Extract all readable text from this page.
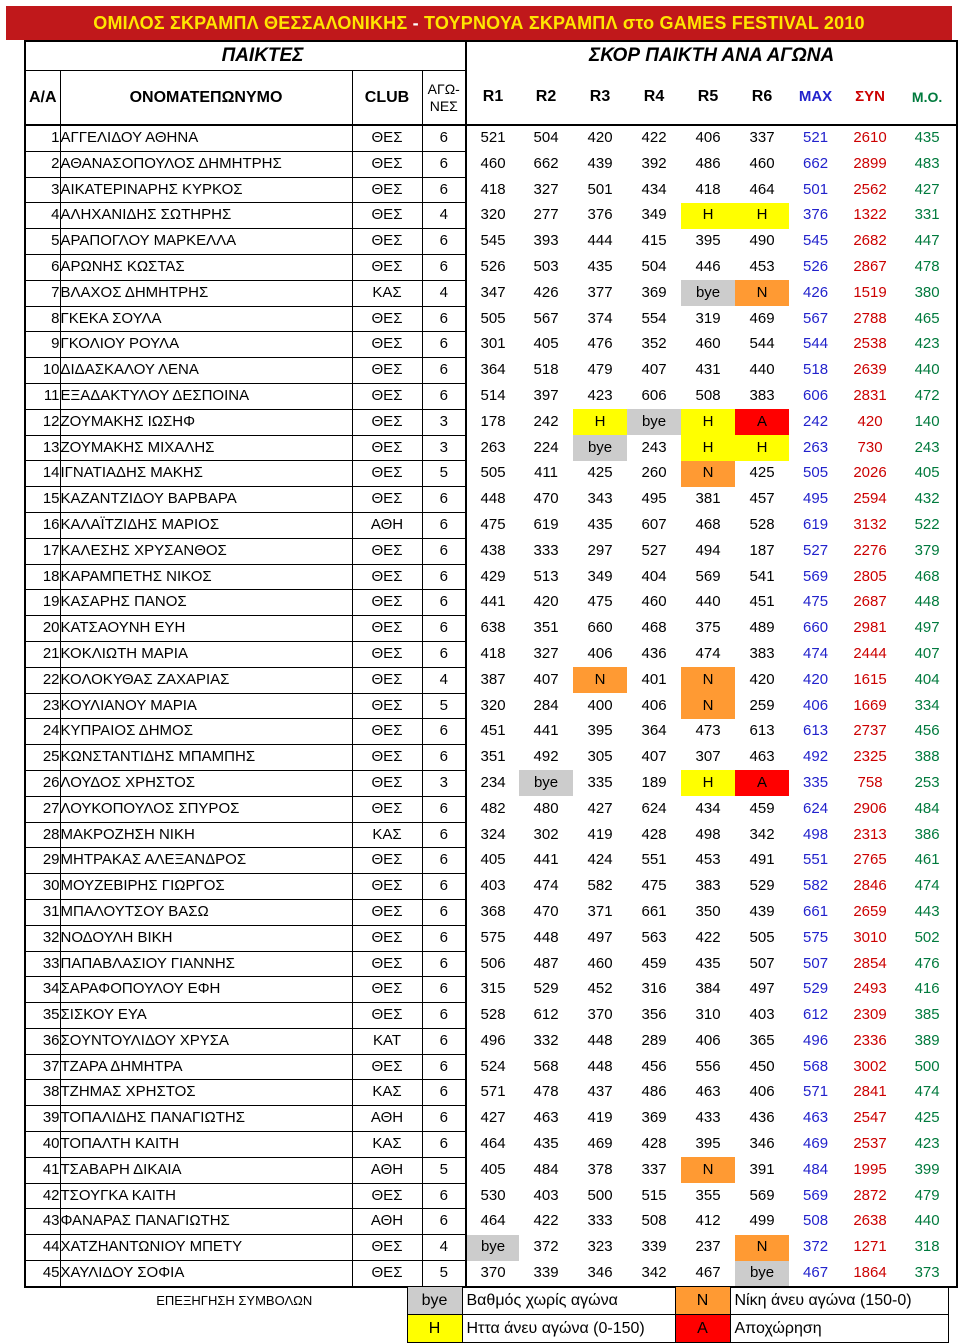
ΟΜΙΛΟΣ ΣΚΡΑΜΠΛ ΘΕΣΣΑΛΟΝΙΚΗΣ - ΤΟΥΡΝΟΥΑ ΣΚΡΑΜΠΛ στο GAMES FESTIVAL 2010
	ΠΑΙΚΤΕΣ			ΣΚΟΡ ΠΑΙΚΤΗ ΑΝΑ ΑΓΩΝΑ								
Α/Α	ΟΝΟΜΑΤΕΠΩΝΥΜΟ	CLUB	ΑΓΩ-
ΝΕΣ	R1	R2	R3	R4	R5	R6	MAX	ΣΥΝ	Μ.Ο.
1	ΑΓΓΕΛΙΔΟΥ ΑΘΗΝΑ	ΘΕΣ	6	521	504	420	422	406	337	521	2610	435
2	ΑΘΑΝΑΣΟΠΟΥΛΟΣ ΔΗΜΗΤΡΗΣ	ΘΕΣ	6	460	662	439	392	486	460	662	2899	483
3	ΑΙΚΑΤΕΡΙΝΑΡΗΣ ΚΥΡΚΟΣ	ΘΕΣ	6	418	327	501	434	418	464	501	2562	427
4	ΑΛΗΧΑΝΙΔΗΣ ΣΩΤΗΡΗΣ	ΘΕΣ	4	320	277	376	349	Η	Η	376	1322	331
5	ΑΡΑΠΟΓΛΟΥ ΜΑΡΚΕΛΛΑ	ΘΕΣ	6	545	393	444	415	395	490	545	2682	447
6	ΑΡΩΝΗΣ ΚΩΣΤΑΣ	ΘΕΣ	6	526	503	435	504	446	453	526	2867	478
7	ΒΛΑΧΟΣ ΔΗΜΗΤΡΗΣ	ΚΑΣ	4	347	426	377	369	bye	Ν	426	1519	380
8	ΓΚΕΚΑ ΣΟΥΛΑ	ΘΕΣ	6	505	567	374	554	319	469	567	2788	465
9	ΓΚΟΛΙΟΥ ΡΟΥΛΑ	ΘΕΣ	6	301	405	476	352	460	544	544	2538	423
10	ΔΙΔΑΣΚΑΛΟΥ ΛΕΝΑ	ΘΕΣ	6	364	518	479	407	431	440	518	2639	440
11	ΕΞΑΔΑΚΤΥΛΟΥ ΔΕΣΠΟΙΝΑ	ΘΕΣ	6	514	397	423	606	508	383	606	2831	472
12	ΖΟΥΜΑΚΗΣ ΙΩΣΗΦ	ΘΕΣ	3	178	242	Η	bye	Η	Α	242	420	140
13	ΖΟΥΜΑΚΗΣ ΜΙΧΑΛΗΣ	ΘΕΣ	3	263	224	bye	243	Η	Η	263	730	243
14	ΙΓΝΑΤΙΑΔΗΣ ΜΑΚΗΣ	ΘΕΣ	5	505	411	425	260	Ν	425	505	2026	405
15	ΚΑΖΑΝΤΖΙΔΟΥ ΒΑΡΒΑΡΑ	ΘΕΣ	6	448	470	343	495	381	457	495	2594	432
16	ΚΑΛΑΪΤΖΙΔΗΣ ΜΑΡΙΟΣ	ΑΘΗ	6	475	619	435	607	468	528	619	3132	522
17	ΚΑΛΕΣΗΣ ΧΡΥΣΑΝΘΟΣ	ΘΕΣ	6	438	333	297	527	494	187	527	2276	379
18	ΚΑΡΑΜΠΕΤΗΣ ΝΙΚΟΣ	ΘΕΣ	6	429	513	349	404	569	541	569	2805	468
19	ΚΑΣΑΡΗΣ ΠΑΝΟΣ	ΘΕΣ	6	441	420	475	460	440	451	475	2687	448
20	ΚΑΤΣΑΟΥΝΗ ΕΥΗ	ΘΕΣ	6	638	351	660	468	375	489	660	2981	497
21	ΚΟΚΛΙΩΤΗ ΜΑΡΙΑ	ΘΕΣ	6	418	327	406	436	474	383	474	2444	407
22	ΚΟΛΟΚΥΘΑΣ ΖΑΧΑΡΙΑΣ	ΘΕΣ	4	387	407	Ν	401	Ν	420	420	1615	404
23	ΚΟΥΛΙΑΝΟΥ ΜΑΡΙΑ	ΘΕΣ	5	320	284	400	406	Ν	259	406	1669	334
24	ΚΥΠΡΑΙΟΣ ΔΗΜΟΣ	ΘΕΣ	6	451	441	395	364	473	613	613	2737	456
25	ΚΩΝΣΤΑΝΤΙΔΗΣ ΜΠΑΜΠΗΣ	ΘΕΣ	6	351	492	305	407	307	463	492	2325	388
26	ΛΟΥΔΟΣ ΧΡΗΣΤΟΣ	ΘΕΣ	3	234	bye	335	189	Η	Α	335	758	253
27	ΛΟΥΚΟΠΟΥΛΟΣ ΣΠΥΡΟΣ	ΘΕΣ	6	482	480	427	624	434	459	624	2906	484
28	ΜΑΚΡΟΖΗΣΗ ΝΙΚΗ	ΚΑΣ	6	324	302	419	428	498	342	498	2313	386
29	ΜΗΤΡΑΚΑΣ ΑΛΕΞΑΝΔΡΟΣ	ΘΕΣ	6	405	441	424	551	453	491	551	2765	461
30	ΜΟΥΖΕΒΙΡΗΣ ΓΙΩΡΓΟΣ	ΘΕΣ	6	403	474	582	475	383	529	582	2846	474
31	ΜΠΑΛΟΥΤΣΟΥ ΒΑΣΩ	ΘΕΣ	6	368	470	371	661	350	439	661	2659	443
32	ΝΟΔΟΥΛΗ ΒΙΚΗ	ΘΕΣ	6	575	448	497	563	422	505	575	3010	502
33	ΠΑΠΑΒΛΑΣΙΟΥ ΓΙΑΝΝΗΣ	ΘΕΣ	6	506	487	460	459	435	507	507	2854	476
34	ΣΑΡΑΦΟΠΟΥΛΟΥ ΕΦΗ	ΘΕΣ	6	315	529	452	316	384	497	529	2493	416
35	ΣΙΣΚΟΥ ΕΥΑ	ΘΕΣ	6	528	612	370	356	310	403	612	2309	385
36	ΣΟΥΝΤΟΥΛΙΔΟΥ ΧΡΥΣΑ	ΚΑΤ	6	496	332	448	289	406	365	496	2336	389
37	ΤΖΑΡΑ ΔΗΜΗΤΡΑ	ΘΕΣ	6	524	568	448	456	556	450	568	3002	500
38	ΤΖΗΜΑΣ ΧΡΗΣΤΟΣ	ΚΑΣ	6	571	478	437	486	463	406	571	2841	474
39	ΤΟΠΑΛΙΔΗΣ ΠΑΝΑΓΙΩΤΗΣ	ΑΘΗ	6	427	463	419	369	433	436	463	2547	425
40	ΤΟΠΑΛΤΗ ΚΑΙΤΗ	ΚΑΣ	6	464	435	469	428	395	346	469	2537	423
41	ΤΣΑΒΑΡΗ ΔΙΚΑΙΑ	ΑΘΗ	5	405	484	378	337	Ν	391	484	1995	399
42	ΤΣΟΥΓΚΑ ΚΑΙΤΗ	ΘΕΣ	6	530	403	500	515	355	569	569	2872	479
43	ΦΑΝΑΡΑΣ ΠΑΝΑΓΙΩΤΗΣ	ΑΘΗ	6	464	422	333	508	412	499	508	2638	440
44	ΧΑΤΖΗΑΝΤΩΝΙΟΥ ΜΠΕΤΥ	ΘΕΣ	4	bye	372	323	339	237	Ν	372	1271	318
45	ΧΑΥΛΙΔΟΥ ΣΟΦΙΑ	ΘΕΣ	5	370	339	346	342	467	bye	467	1864	373
ΕΠΕΞΗΓΗΣΗ ΣΥΜΒΟΛΩΝ	bye	Βαθμός χωρίς αγώνα	Ν	Νίκη άνευ αγώνα (150-0)
	Η	Ηττα άνευ αγώνα (0-150)	Α	Αποχώρηση
